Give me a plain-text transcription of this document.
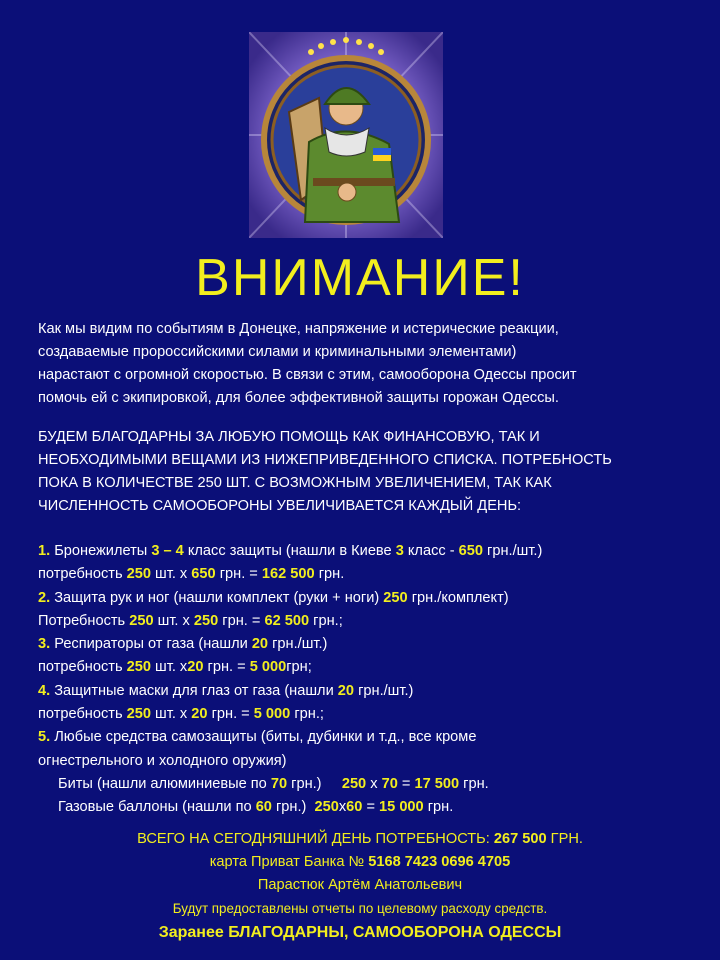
ВНИМАНИЕ!

Как мы видим по событиям в Донецке, напряжение и истерические реакции,

создаваемые пророссийскими силами и криминальными элементами)

нарастают с огромной скоростью. В связи с этим, самооборона Одессы просит

помочь ей с экипировкой, для более эффективной защиты горожан Одессы.

БУДЕМ БЛАГОДАРНЫ ЗА ЛЮБУЮ ПОМОЩЬ КАК ФИНАНСОВУЮ, ТАК И

НЕОБХОДИМЫМИ ВЕЩАМИ ИЗ НИЖЕПРИВЕДЕННОГО СПИСКА. ПОТРЕБНОСТЬ

ПОКА В КОЛИЧЕСТВЕ 250 ШТ. С ВОЗМОЖНЫМ УВЕЛИЧЕНИЕМ, ТАК КАК

ЧИСЛЕННОСТЬ САМООБОРОНЫ УВЕЛИЧИВАЕТСЯ КАЖДЫЙ ДЕНЬ:

1. Бронежилеты 3 – 4 класс защиты (нашли в Киеве 3 класс - 650 грн./шт.)

потребность 250 шт. х 650 грн. = 162 500 грн.

2. Защита рук и ног (нашли комплект (руки + ноги) 250 грн./комплект)

Потребность 250 шт. х 250 грн. = 62 500 грн.;

3. Респираторы от газа (нашли 20 грн./шт.)

потребность 250 шт. х20 грн. = 5 000грн;

4. Защитные маски для глаз от газа (нашли 20 грн./шт.)

потребность 250 шт. х 20 грн. = 5 000 грн.;

5. Любые средства самозащиты (биты, дубинки и т.д., все кроме

огнестрельного и холодного оружия)

Биты (нашли алюминиевые по 70 грн.)     250 х 70 = 17 500 грн.

Газовые баллоны (нашли по 60 грн.)  250х60 = 15 000 грн.

ВСЕГО НА СЕГОДНЯШНИЙ ДЕНЬ ПОТРЕБНОСТЬ: 267 500 ГРН.

карта Приват Банка № 5168 7423 0696 4705

Парастюк Артём Анатольевич

Будут предоставлены отчеты по целевому расходу средств.

Заранее БЛАГОДАРНЫ, САМООБОРОНА ОДЕССЫ
